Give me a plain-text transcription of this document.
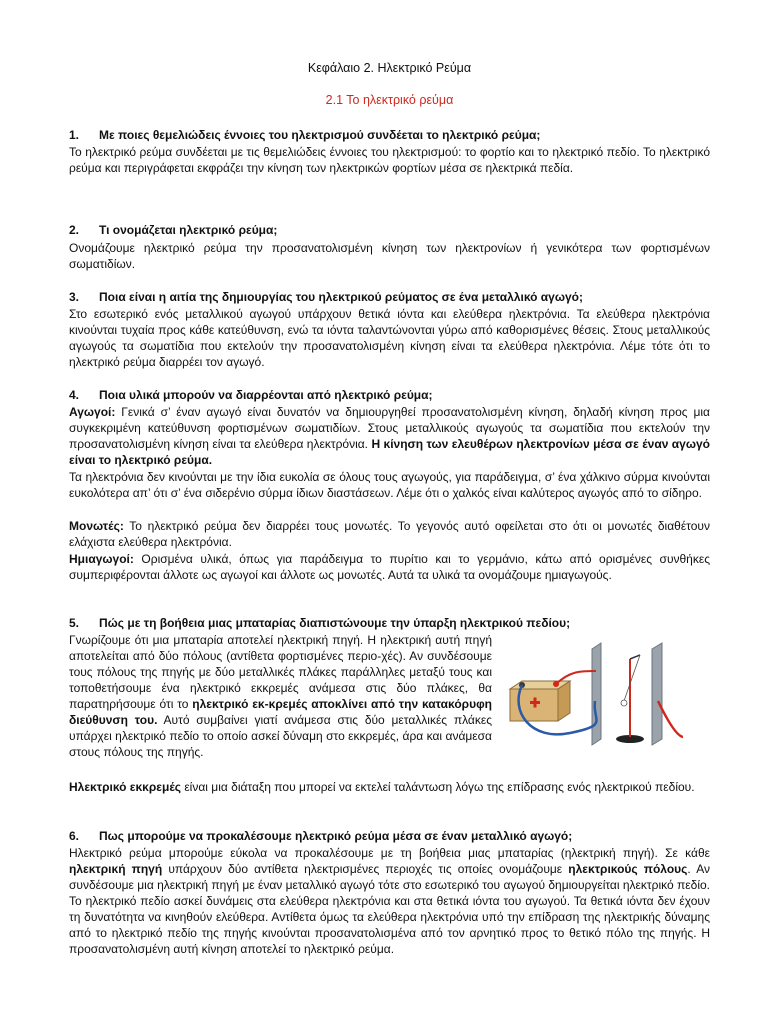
Κεφάλαιο 2. Ηλεκτρικό Ρεύμα
2.1 Το ηλεκτρικό ρεύμα
1. Με ποιες θεμελιώδεις έννοιες του ηλεκτρισμού συνδέεται το ηλεκτρικό ρεύμα;

Το ηλεκτρικό ρεύμα συνδέεται με τις θεμελιώδεις έννοιες του ηλεκτρισμού: το φορτίο και το ηλεκτρικό πεδίο. Το ηλεκτρικό ρεύμα και περιγράφεται εκφράζει την κίνηση των ηλεκτρικών φορτίων μέσα σε ηλεκτρικά πεδία.

2. Τι ονομάζεται ηλεκτρικό ρεύμα;

Ονομάζουμε ηλεκτρικό ρεύμα την προσανατολισμένη κίνηση των ηλεκτρονίων ή γενικότερα των φορτισμένων σωματιδίων.

3. Ποια είναι η αιτία της δημιουργίας του ηλεκτρικού ρεύματος σε ένα μεταλλικό αγωγό;

Στο εσωτερικό ενός μεταλλικού αγωγού υπάρχουν θετικά ιόντα και ελεύθερα ηλεκτρόνια. Τα ελεύθερα ηλεκτρόνια κινούνται τυχαία προς κάθε κατεύθυνση, ενώ τα ιόντα ταλαντώνονται γύρω από καθορισμένες θέσεις. Στους μεταλλικούς αγωγούς τα σωματίδια που εκτελούν την προσανατολισμένη κίνηση είναι τα ελεύθερα ηλεκτρόνια. Λέμε τότε ότι το ηλεκτρικό ρεύμα διαρρέει τον αγωγό.

4. Ποια υλικά μπορούν να διαρρέονται από ηλεκτρικό ρεύμα;

Αγωγοί: Γενικά σ’ έναν αγωγό είναι δυνατόν να δημιουργηθεί προσανατολισμένη κίνηση, δηλαδή κίνηση προς μια συγκεκριμένη κατεύθυνση φορτισμένων σωματιδίων. Στους μεταλλικούς αγωγούς τα σωματίδια που εκτελούν την προσανατολισμένη κίνηση είναι τα ελεύθερα ηλεκτρόνια. Η κίνηση των ελευθέρων ηλεκτρονίων μέσα σε έναν αγωγό είναι το ηλεκτρικό ρεύμα.

Τα ηλεκτρόνια δεν κινούνται με την ίδια ευκολία σε όλους τους αγωγούς, για παράδειγμα, σ’ ένα χάλκινο σύρμα κινούνται ευκολότερα απ’ ότι σ’ ένα σιδερένιο σύρμα ίδιων διαστάσεων. Λέμε ότι ο χαλκός είναι καλύτερος αγωγός από το σίδηρο.

Μονωτές: Το ηλεκτρικό ρεύμα δεν διαρρέει τους μονωτές. Το γεγονός αυτό οφείλεται στο ότι οι μονωτές διαθέτουν ελάχιστα ελεύθερα ηλεκτρόνια.

Ημιαγωγοί: Ορισμένα υλικά, όπως για παράδειγμα το πυρίτιο και το γερμάνιο, κάτω από ορισμένες συνθήκες συμπεριφέρονται άλλοτε ως αγωγοί και άλλοτε ως μονωτές. Αυτά τα υλικά τα ονομάζουμε ημιαγωγούς.

5. Πώς με τη βοήθεια μιας μπαταρίας διαπιστώνουμε την ύπαρξη ηλεκτρικού πεδίου;

Γνωρίζουμε ότι μια μπαταρία αποτελεί ηλεκτρική πηγή. Η ηλεκτρική αυτή πηγή αποτελείται από δύο πόλους (αντίθετα φορτισμένες περιο-χές). Αν συνδέσουμε τους πόλους της πηγής με δύο μεταλλικές πλάκες παράλληλες μεταξύ τους και τοποθετήσουμε ένα ηλεκτρικό εκκρεμές ανάμεσα στις δύο πλάκες, θα παρατηρήσουμε ότι το ηλεκτρικό εκ-κρεμές αποκλίνει από την κατακόρυφη διεύθυνση του. Αυτό συμβαίνει γιατί ανάμεσα στις δύο μεταλλικές πλάκες υπάρχει ηλεκτρικό πεδίο το οποίο ασκεί δύναμη στο εκκρεμές, άρα και ανάμεσα στους πόλους της πηγής.

Ηλεκτρικό εκκρεμές είναι μια διάταξη που μπορεί να εκτελεί ταλάντωση λόγω της επίδρασης ενός ηλεκτρικού πεδίου.

6. Πως μπορούμε να προκαλέσουμε ηλεκτρικό ρεύμα μέσα σε έναν μεταλλικό αγωγό;

Ηλεκτρικό ρεύμα μπορούμε εύκολα να προκαλέσουμε με τη βοήθεια μιας μπαταρίας (ηλεκτρική πηγή). Σε κάθε ηλεκτρική πηγή υπάρχουν δύο αντίθετα ηλεκτρισμένες περιοχές τις οποίες ονομάζουμε ηλεκτρικούς πόλους. Αν συνδέσουμε μια ηλεκτρική πηγή με έναν μεταλλικό αγωγό τότε στο εσωτερικό του αγωγού δημιουργείται ηλεκτρικό πεδίο. Το ηλεκτρικό πεδίο ασκεί δυνάμεις στα ελεύθερα ηλεκτρόνια και στα θετικά ιόντα του αγωγού. Τα θετικά ιόντα δεν έχουν τη δυνατότητα να κινηθούν ελεύθερα. Αντίθετα όμως τα ελεύθερα ηλεκτρόνια υπό την επίδραση της ηλεκτρικής δύναμης από το ηλεκτρικό πεδίο της πηγής κινούνται προσανατολισμένα από τον αρνητικό προς το θετικό πόλο της πηγής. Η προσανατολισμένη αυτή κίνηση αποτελεί το ηλεκτρικό ρεύμα.
